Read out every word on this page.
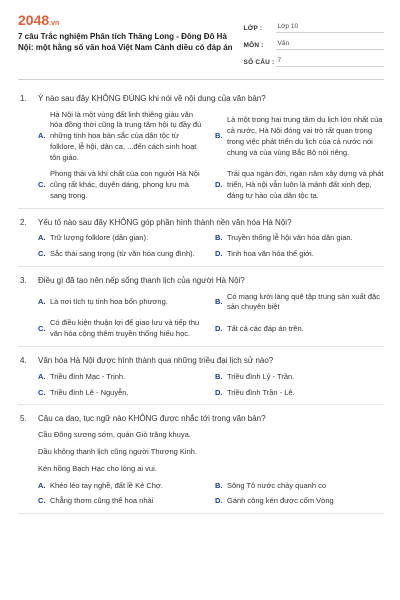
2048.vn
7 câu Trắc nghiệm Phân tích Thăng Long - Đông Đô Hà Nội: một hằng số văn hoá Việt Nam Cánh diều có đáp án
LỚP :	Lớp 10
MÔN :	Văn
SỐ CÂU : 7
1.	Ý nào sau đây KHÔNG ĐÚNG khi nói về nội dung của văn bản?
A.
Hà Nội là một vùng đất linh thiêng giàu văn hóa đồng thời cũng là trung tâm hội tụ đầy đủ những tinh hoa bản sắc của dân tộc từ folklore, lễ hội, dân ca, ...đến cách sinh hoạt tôn giáo.
B.
Là một trong hai trung tâm du lịch lớn nhất của cả nước, Hà Nội đóng vai trò rất quan trọng trong việc phát triển du lịch của cả nước nói chung và của vùng Bắc Bộ nói riêng.
C.
Phong thái và khí chất của con người Hà Nội cũng rất khác, duyên dáng, phong lưu mà sang trọng.
D.
Trải qua ngàn đời, ngàn năm xây dựng và phát triển, Hà nội vẫn luôn là mảnh đất xinh đẹp, đáng tự hào của dân tộc ta.
2.	Yếu tố nào sau đây KHÔNG góp phần hình thành nền văn hóa Hà Nội?
A. Trữ lượng folklore (dân gian).	B. Truyền thống lễ hội văn hóa dân gian.
C. Sắc thái sang trọng (từ văn hóa cung đình).	D. Tinh hoa văn hóa thế giới.
3.	Điều gì đã tạo nên nếp sống thanh lịch của người Hà Nội?
A. Là nơi tích tụ tinh hoa bốn phương.	B.
Có mạng lưới làng quê tập trung sản xuất đặc sản chuyên biệt
C.
Có điều kiện thuận lợi để giao lưu và tiếp thu văn hóa cộng thêm truyền thống hiếu học.
D. Tất cả các đáp án trên.
4.	Văn hóa Hà Nội được hình thành qua những triều đại lịch sử nào?
A. Triều đình Mạc - Trịnh.	B. Triều đình Lý - Trần.
C. Triều đình Lê - Nguyễn.	D. Triều đình Trần - Lê.
5.	Câu ca dao, tục ngữ nào KHÔNG được nhắc tới trong văn bản?
Cầu Đông sương sớm, quán Giò trăng khuya.
Dầu không thanh lịch cũng người Thượng Kinh.
Kén hồng Bạch Hạc cho lòng ai vui.
A. Khéo léo tay nghề, đất lề Kẻ Chợ.	B. Sông Tô nước chảy quanh co
C. Chẳng thơm cũng thể hoa nhài	D. Gánh công kén được cốm Vòng
